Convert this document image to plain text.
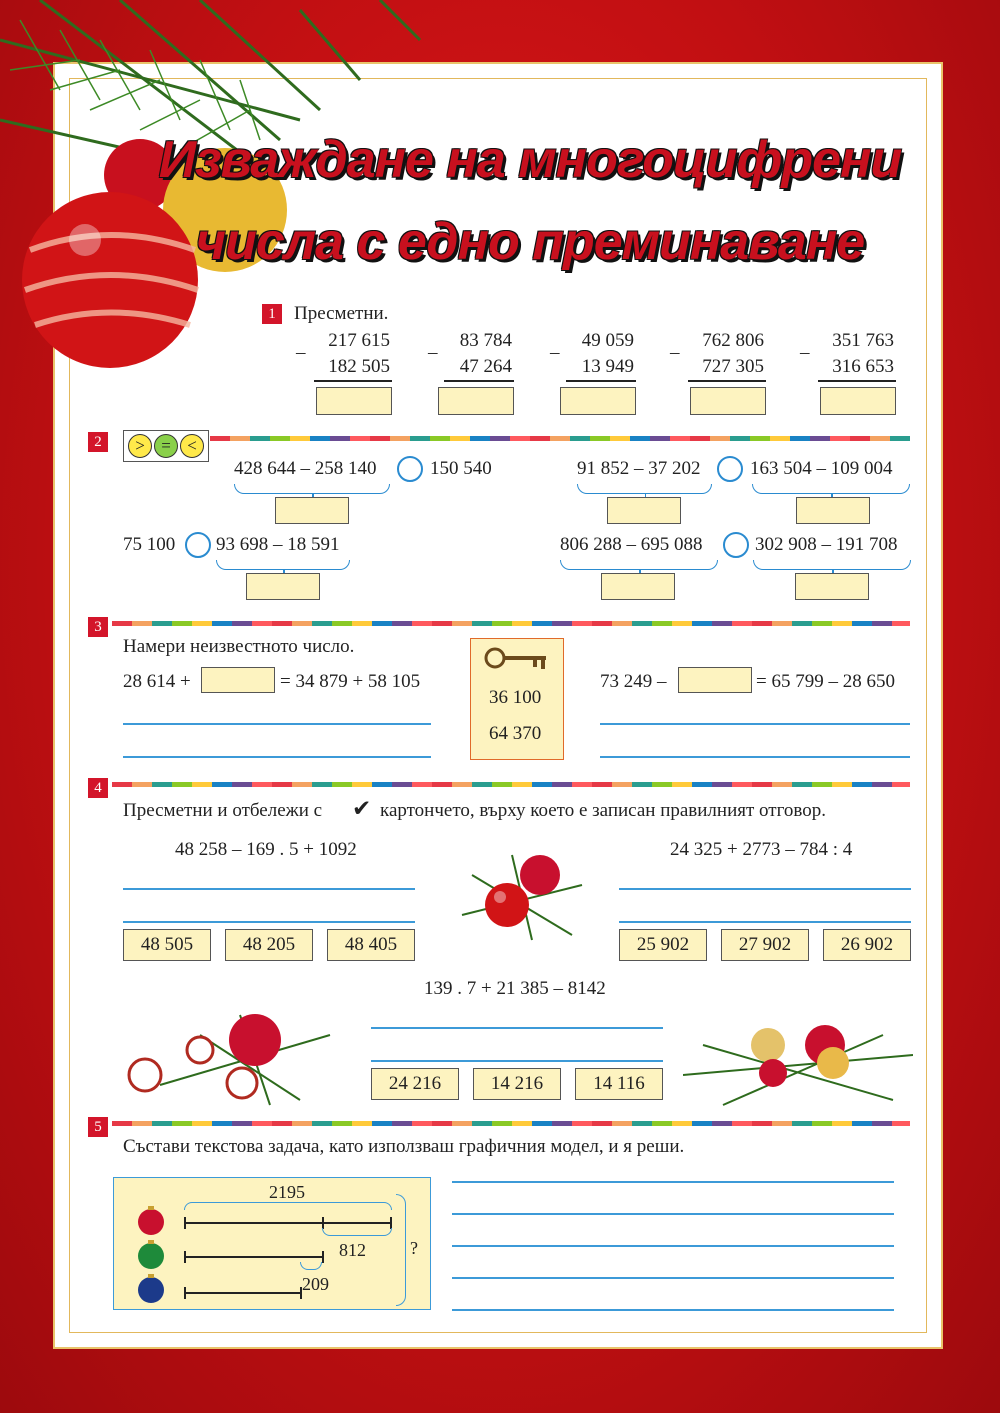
Изваждане на многоцифрени
числа с едно преминаване
1 Пресметни.
–
217 615
182 505
–
83 784
47 264
–
49 059
13 949
–
762 806
727 305
–
351 763
316 653
2	> = <
428 644 – 258 140	150 540	91 852 – 37 202	163 504 – 109 004
75 100 93 698 – 18 591	806 288 – 695 088	302 908 – 191 708
3
Намери неизвестното число.
28 614 +	= 34 879 + 58 105
36 100
64 370
73 249 –	= 65 799 – 28 650
4
Пресметни и отбележи с ✔ картончето, върху което е записан правилният отговор.
48 258 – 169 . 5 + 1092
48 505	48 205	48 405
24 325 + 2773 – 784 : 4
25 902	27 902	26 902
139 . 7 + 21 385 – 8142
24 216	14 216	14 116
5
Състави текстова задача, като използваш графичния модел, и я реши.
2195
812
209
?
